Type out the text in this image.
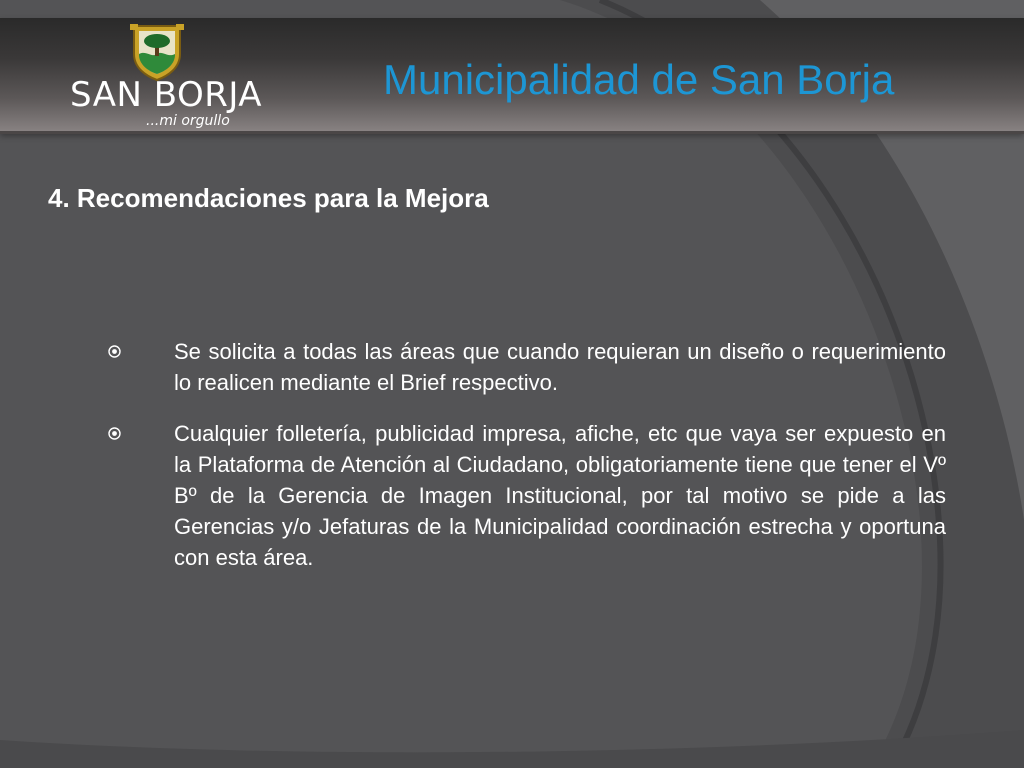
SAN BORJA
...mi orgullo
Municipalidad de San Borja
4. Recomendaciones para la Mejora
Se solicita a todas las áreas que cuando requieran un diseño o requerimiento lo realicen mediante el Brief respectivo.
Cualquier folletería, publicidad impresa, afiche, etc que vaya ser expuesto en la Plataforma de Atención al Ciudadano, obligatoriamente tiene que tener el Vº Bº de la Gerencia de Imagen Institucional, por tal motivo se pide a las Gerencias y/o Jefaturas de la Municipalidad coordinación estrecha y oportuna con esta área.
